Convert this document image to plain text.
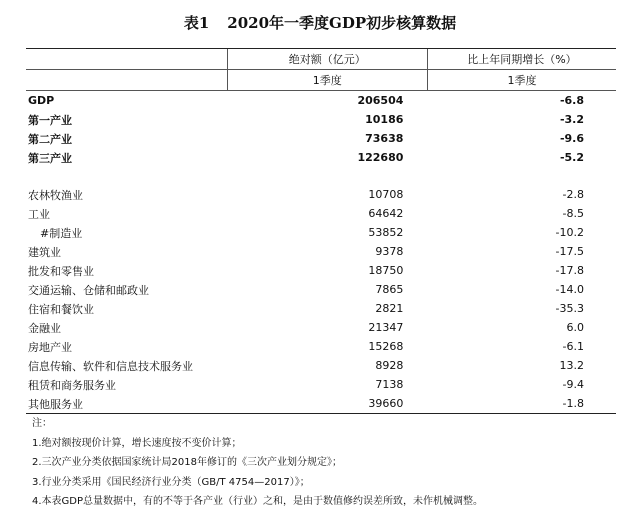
表1 2020年一季度GDP初步核算数据
	绝对额（亿元）	比上年同期增长（%）
	1季度	1季度
GDP	206504	-6.8
第一产业	10186	-3.2
第二产业	73638	-9.6
第三产业	122680	-5.2

农林牧渔业	10708	-2.8
工业	64642	-8.5
#制造业	53852	-10.2
建筑业	9378	-17.5
批发和零售业	18750	-17.8
交通运输、仓储和邮政业	7865	-14.0
住宿和餐饮业	2821	-35.3
金融业	21347	6.0
房地产业	15268	-6.1
信息传输、软件和信息技术服务业	8928	13.2
租赁和商务服务业	7138	-9.4
其他服务业	39660	-1.8
注：
1.绝对额按现价计算，增长速度按不变价计算；
2.三次产业分类依据国家统计局2018年修订的《三次产业划分规定》；
3.行业分类采用《国民经济行业分类（GB/T 4754—2017）》；
4.本表GDP总量数据中，有的不等于各产业（行业）之和，是由于数值修约误差所致，未作机械调整。
